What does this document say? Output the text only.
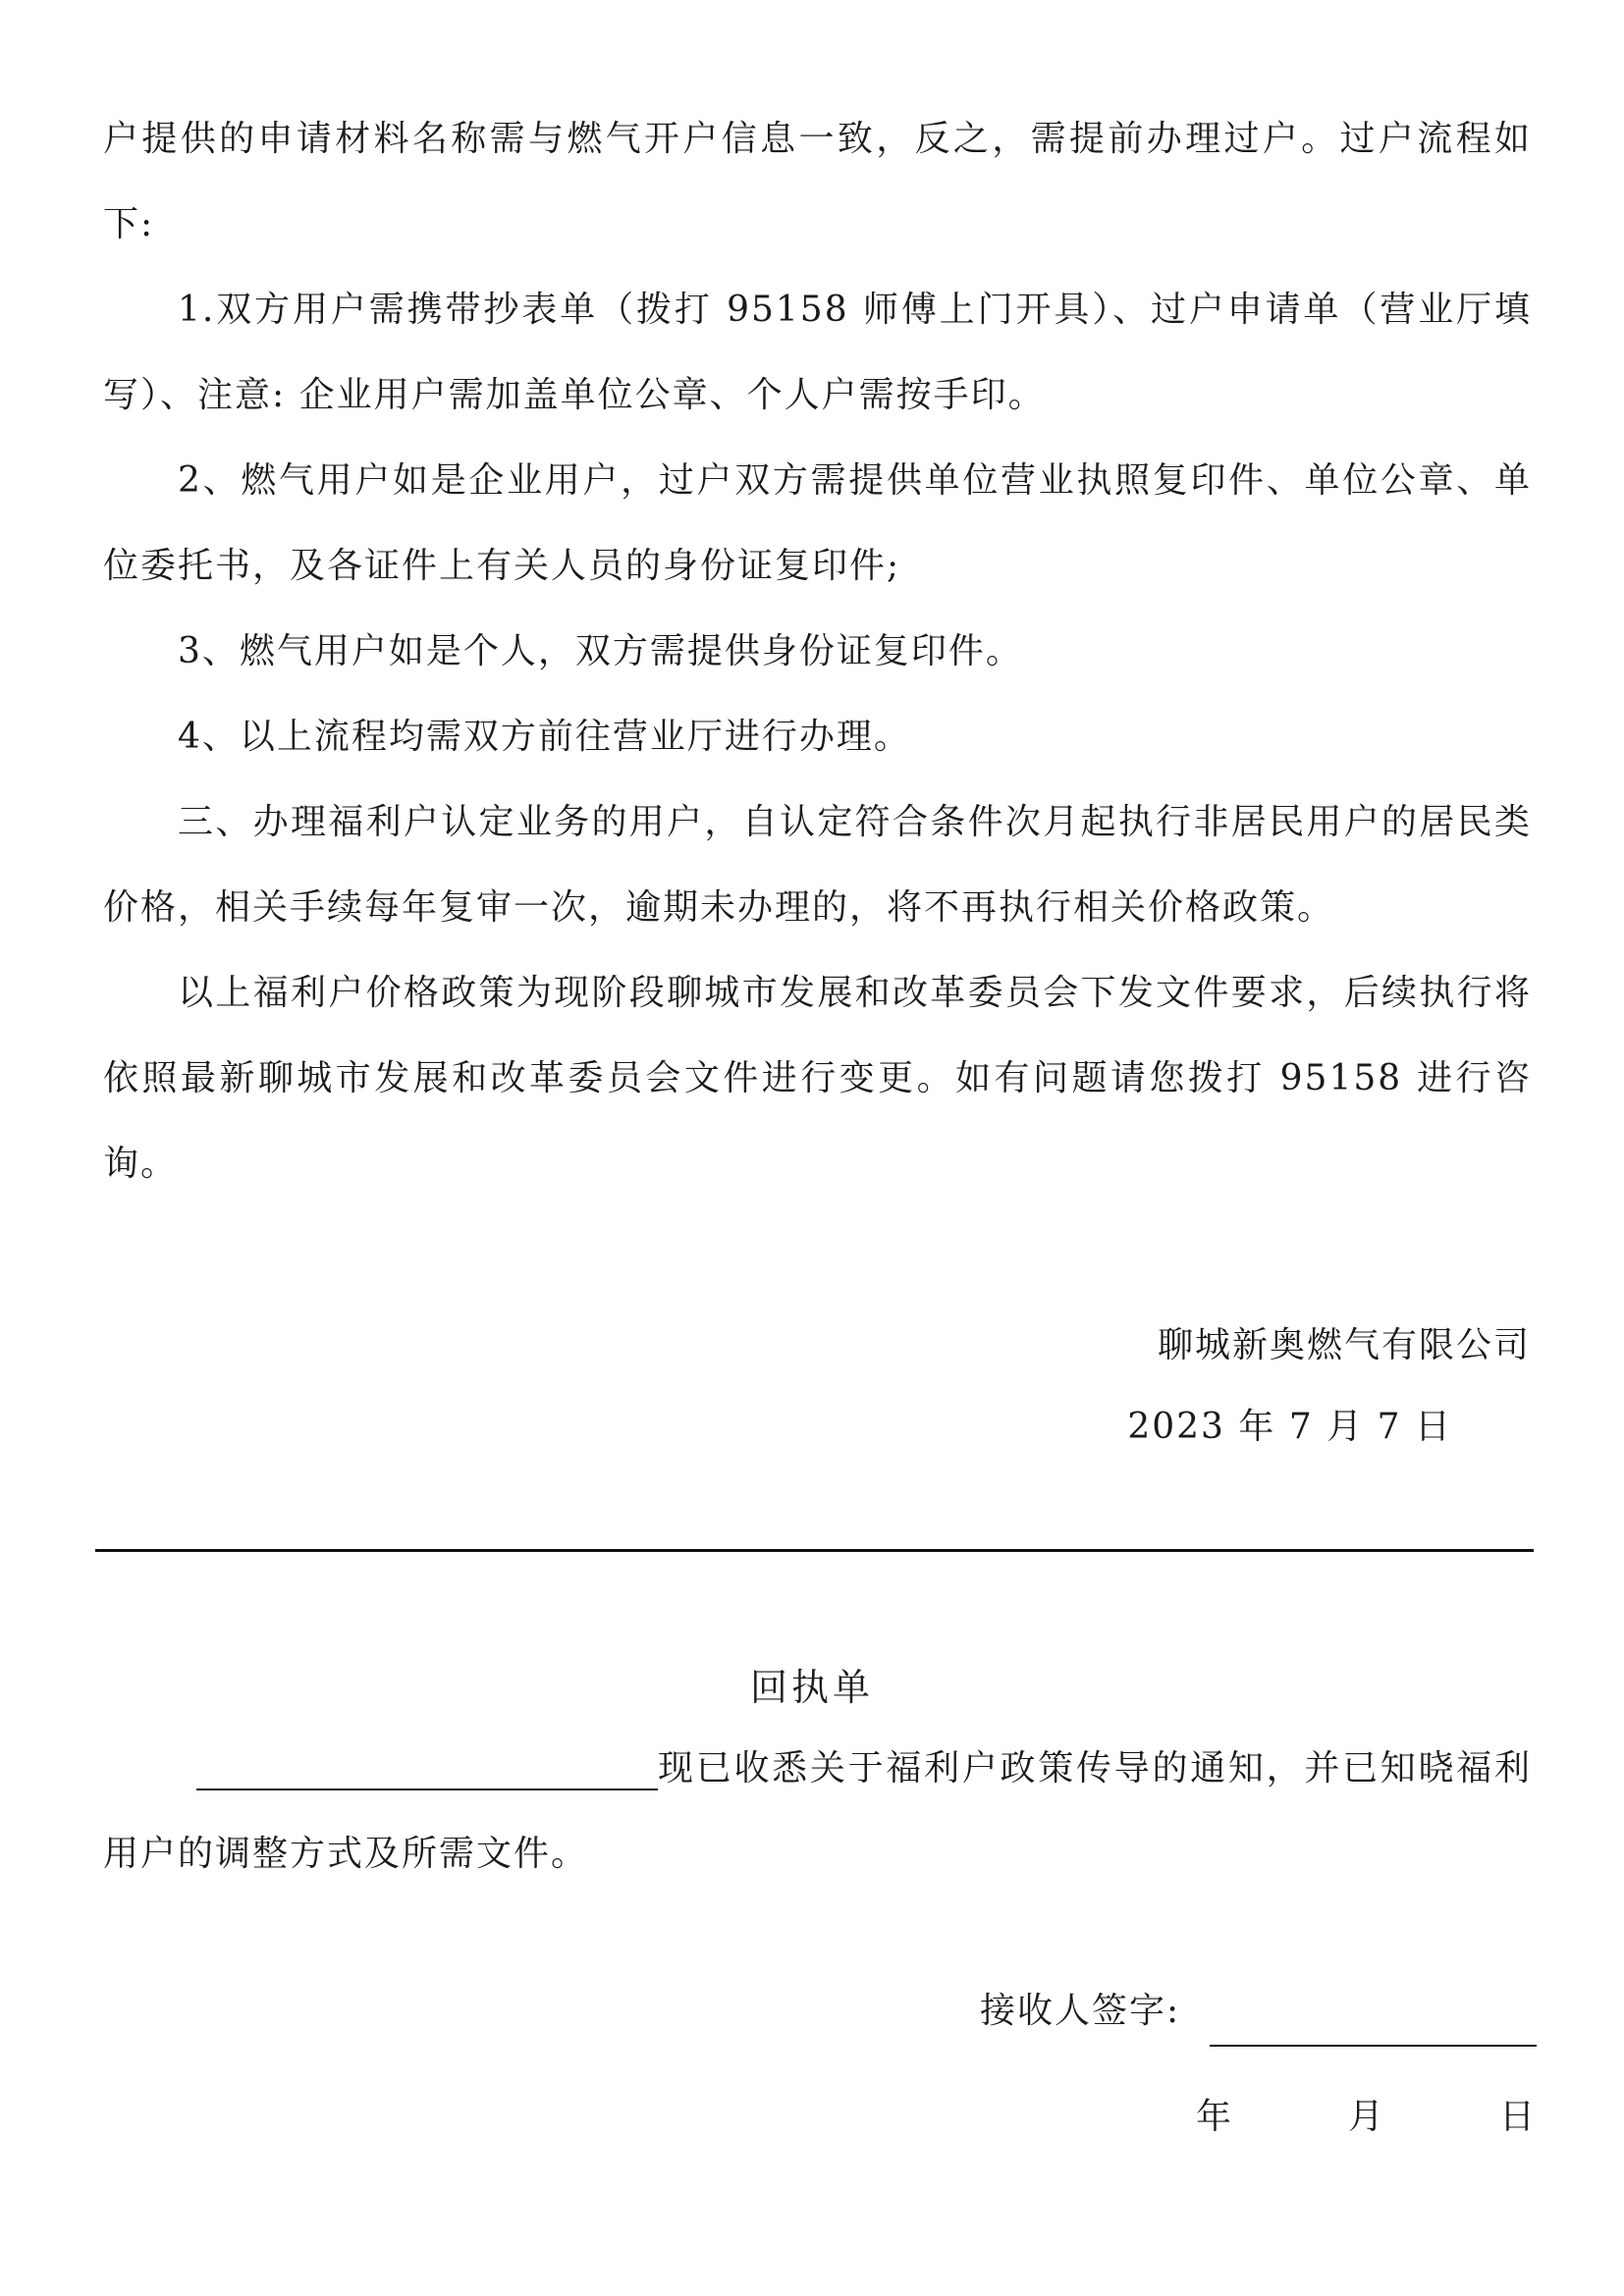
户提供的申请材料名称需与燃气开户信息一致，反之，需提前办理过户。过户流程如下:

1.双方用户需携带抄表单（拨打 95158 师傅上门开具）、过户申请单（营业厅填写）、注意: 企业用户需加盖单位公章、个人户需按手印。

2、燃气用户如是企业用户，过户双方需提供单位营业执照复印件、单位公章、单位委托书，及各证件上有关人员的身份证复印件;

3、燃气用户如是个人，双方需提供身份证复印件。

4、以上流程均需双方前往营业厅进行办理。

三、办理福利户认定业务的用户，自认定符合条件次月起执行非居民用户的居民类价格，相关手续每年复审一次，逾期未办理的，将不再执行相关价格政策。

以上福利户价格政策为现阶段聊城市发展和改革委员会下发文件要求，后续执行将依照最新聊城市发展和改革委员会文件进行变更。如有问题请您拨打 95158 进行咨询。

聊城新奥燃气有限公司
2023 年 7 月 7 日
回执单

现已收悉关于福利户政策传导的通知，并已知晓福利用户的调整方式及所需文件。

接收人签字:
年	月	日
